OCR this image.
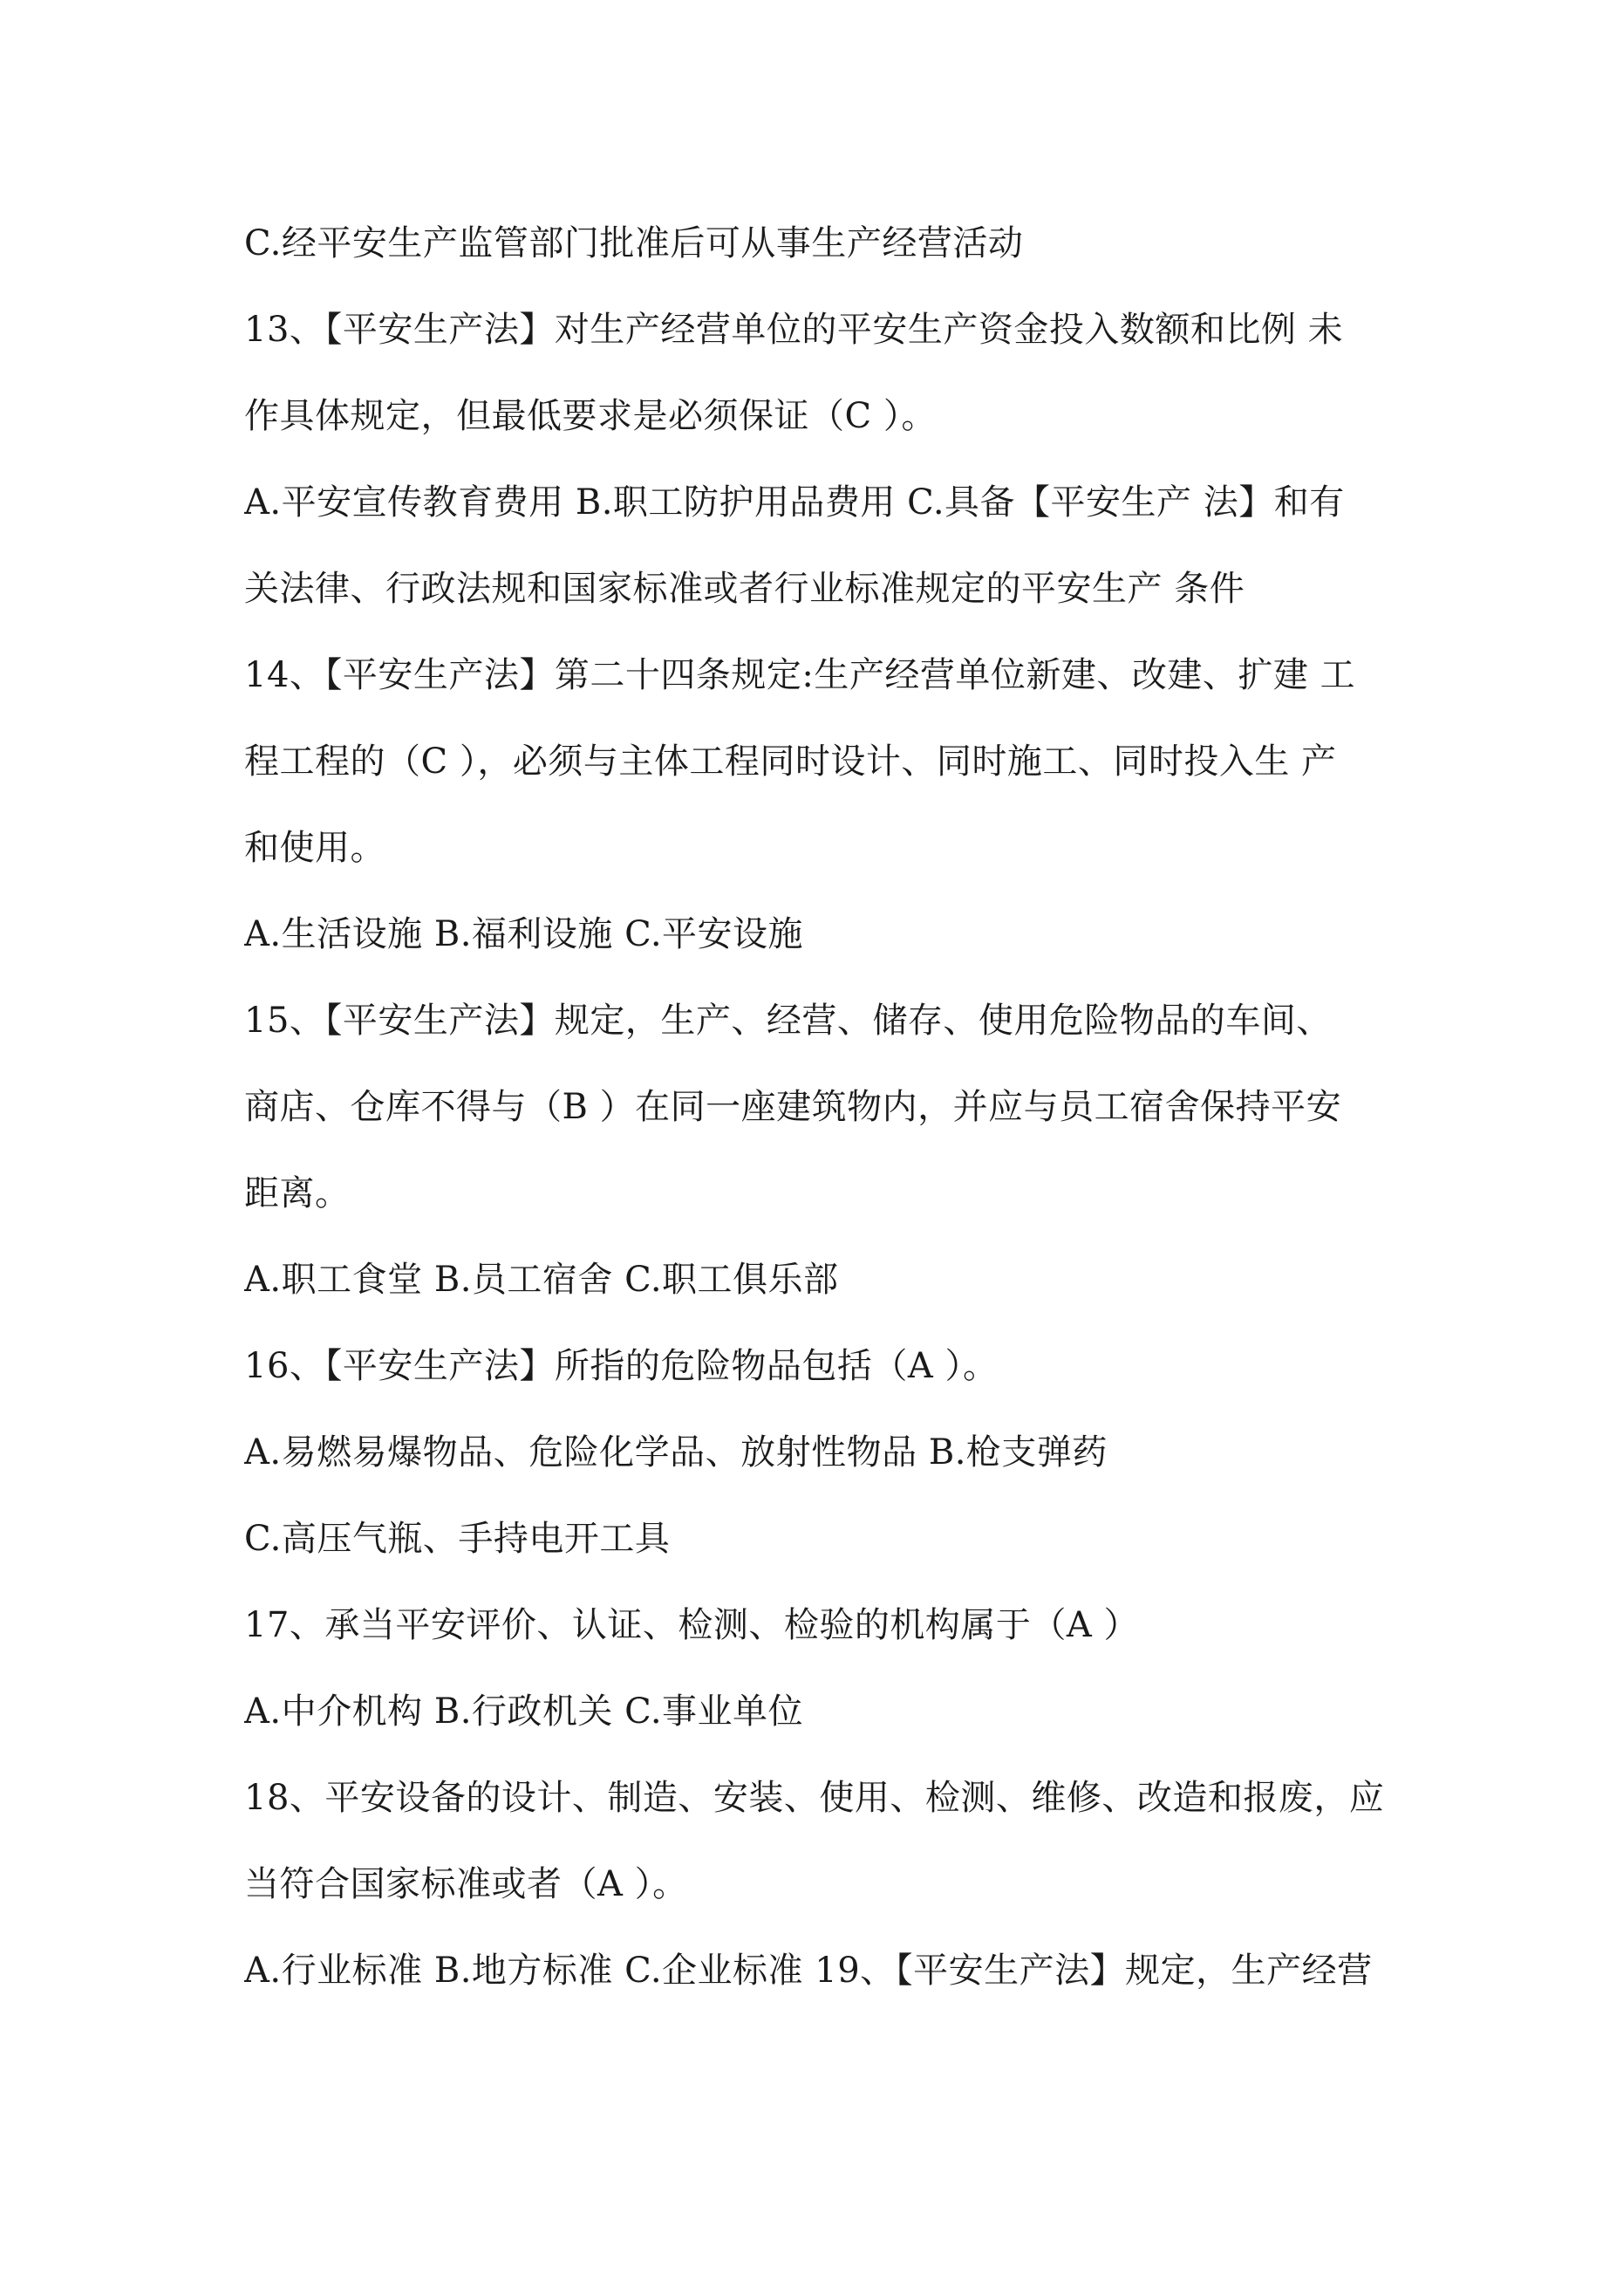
C.经平安生产监管部门批准后可从事生产经营活动
13、【平安生产法】对生产经营单位的平安生产资金投入数额和比例 未
作具体规定，但最低要求是必须保证（C ）。
A.平安宣传教育费用 B.职工防护用品费用 C.具备【平安生产 法】和有
关法律、行政法规和国家标准或者行业标准规定的平安生产 条件
14、【平安生产法】第二十四条规定:生产经营单位新建、改建、扩建 工
程工程的（C ），必须与主体工程同时设计、同时施工、同时投入生 产
和使用。
A.生活设施 B.福利设施 C.平安设施
15、【平安生产法】规定，生产、经营、储存、使用危险物品的车间、
商店、仓库不得与（B ）在同一座建筑物内，并应与员工宿舍保持平安
距离。
A.职工食堂 B.员工宿舍 C.职工俱乐部
16、【平安生产法】所指的危险物品包括（A ）。
A.易燃易爆物品、危险化学品、放射性物品 B.枪支弹药
C.高压气瓶、手持电开工具
17、承当平安评价、认证、检测、检验的机构属于（A ）
A.中介机构 B.行政机关 C.事业单位
18、平安设备的设计、制造、安装、使用、检测、维修、改造和报废，应
当符合国家标准或者（A ）。
A.行业标准 B.地方标准 C.企业标准 19、【平安生产法】规定，生产经营
